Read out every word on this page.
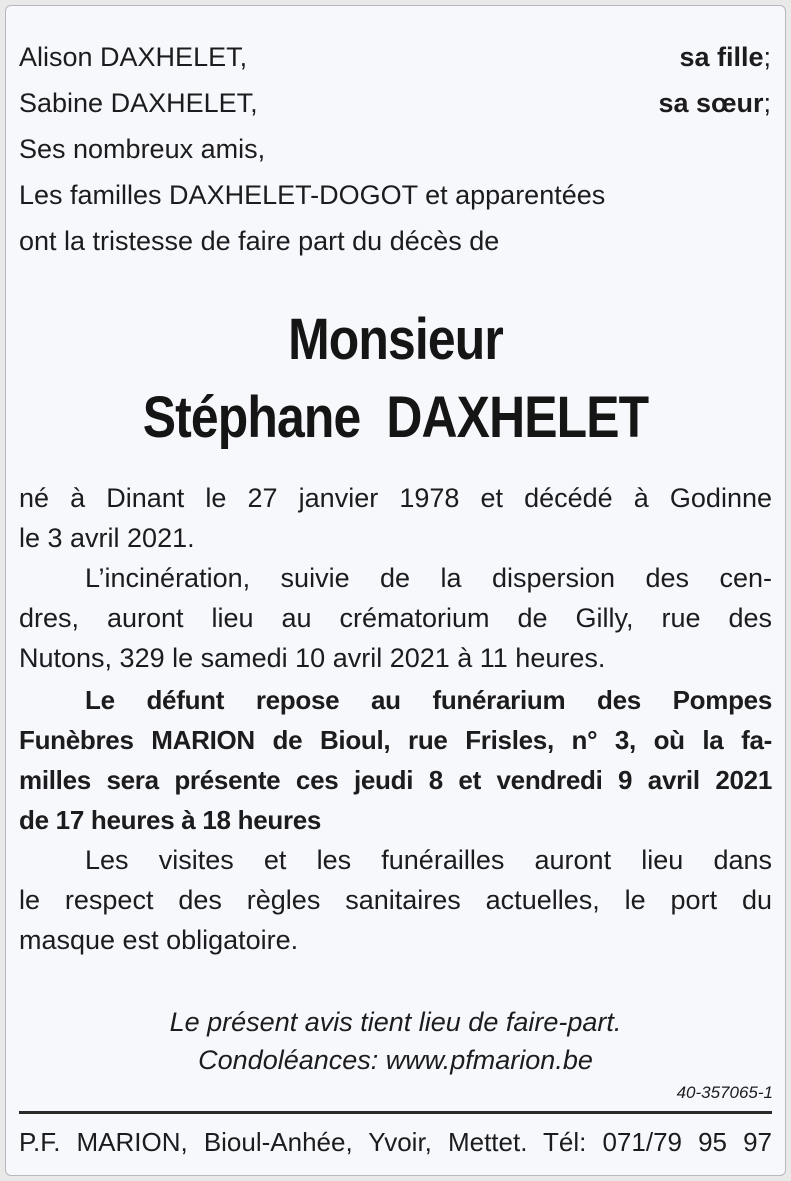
Alison DAXHELET,	sa fille;
Sabine DAXHELET,	sa sœur;
Ses nombreux amis,
Les familles DAXHELET-DOGOT et apparentées
ont la tristesse de faire part du décès de
Monsieur
Stéphane  DAXHELET
né à Dinant le 27 janvier 1978 et décédé à Godinne
le 3 avril 2021.
L’incinération, suivie de la dispersion des cen-
dres, auront lieu au crématorium de Gilly, rue des
Nutons, 329 le samedi 10 avril 2021 à 11 heures.
Le défunt repose au funérarium des Pompes
Funèbres MARION de Bioul, rue Frisles, n° 3, où la fa-
milles sera présente ces jeudi 8 et vendredi 9 avril 2021
de 17 heures à 18 heures
Les visites et les funérailles auront lieu dans
le respect des règles sanitaires actuelles, le port du
masque est obligatoire.
Le présent avis tient lieu de faire-part.
Condoléances: www.pfmarion.be
40-357065-1
P.F. MARION, Bioul-Anhée, Yvoir, Mettet. Tél: 071/79 95 97
